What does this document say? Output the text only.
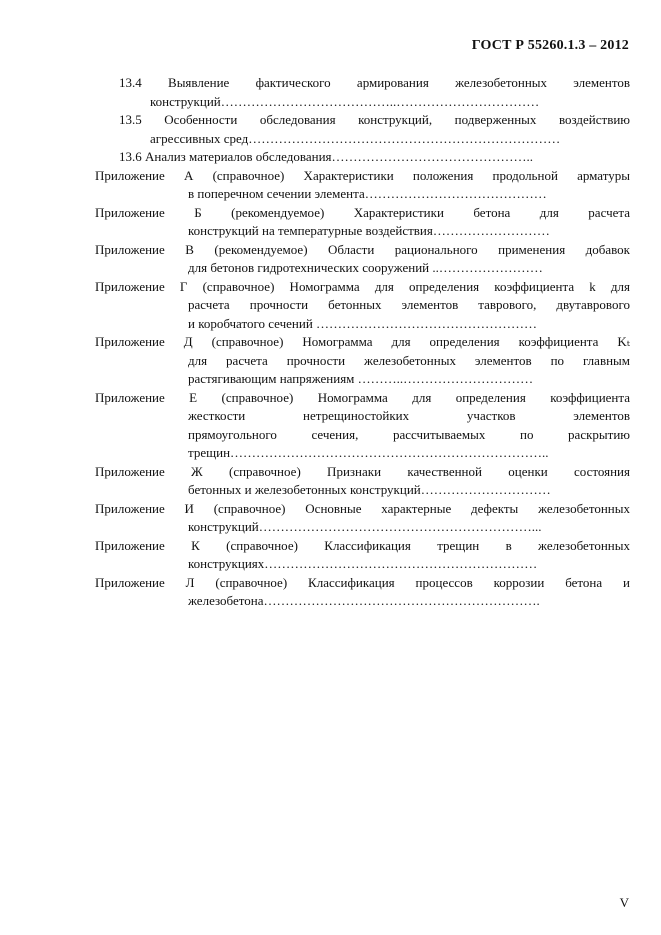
ГОСТ Р 55260.1.3 – 2012
13.4 Выявление фактического армирования железобетонных элементов
конструкций…………………………………..……………………………
13.5 Особенности обследования конструкций, подверженных воздействию
агрессивных сред………………………………………………………………
13.6 Анализ материалов обследования………………………………………..
Приложение А (справочное) Характеристики положения продольной арматуры
в поперечном сечении элемента……………………………………
Приложение Б (рекомендуемое) Характеристики бетона для расчета
конструкций на температурные воздействия………………………
Приложение В (рекомендуемое) Области рационального применения добавок
для бетонов гидротехнических сооружений ..……………………
Приложение Г (справочное) Номограмма для определения коэффициента k для
расчета прочности бетонных элементов таврового, двутаврового
и коробчатого сечений ……………………………………………
Приложение Д (справочное) Номограмма для определения коэффициента Kₜ
для расчета прочности железобетонных элементов по главным
растягивающим напряжениям ………..…………………………
Приложение Е (справочное) Номограмма для определения коэффициента
жесткости нетрещиностойких участков элементов
прямоугольного сечения, рассчитываемых по раскрытию
трещин………………………………………………………………..
Приложение Ж (справочное) Признаки качественной оценки состояния
бетонных и железобетонных конструкций…………………………
Приложение И (справочное) Основные характерные дефекты железобетонных
конструкций………………………………………………………...
Приложение К (справочное) Классификация трещин в железобетонных
конструкциях………………………………………………………
Приложение Л (справочное) Классификация процессов коррозии бетона и
железобетона……………………………………………………….
V
